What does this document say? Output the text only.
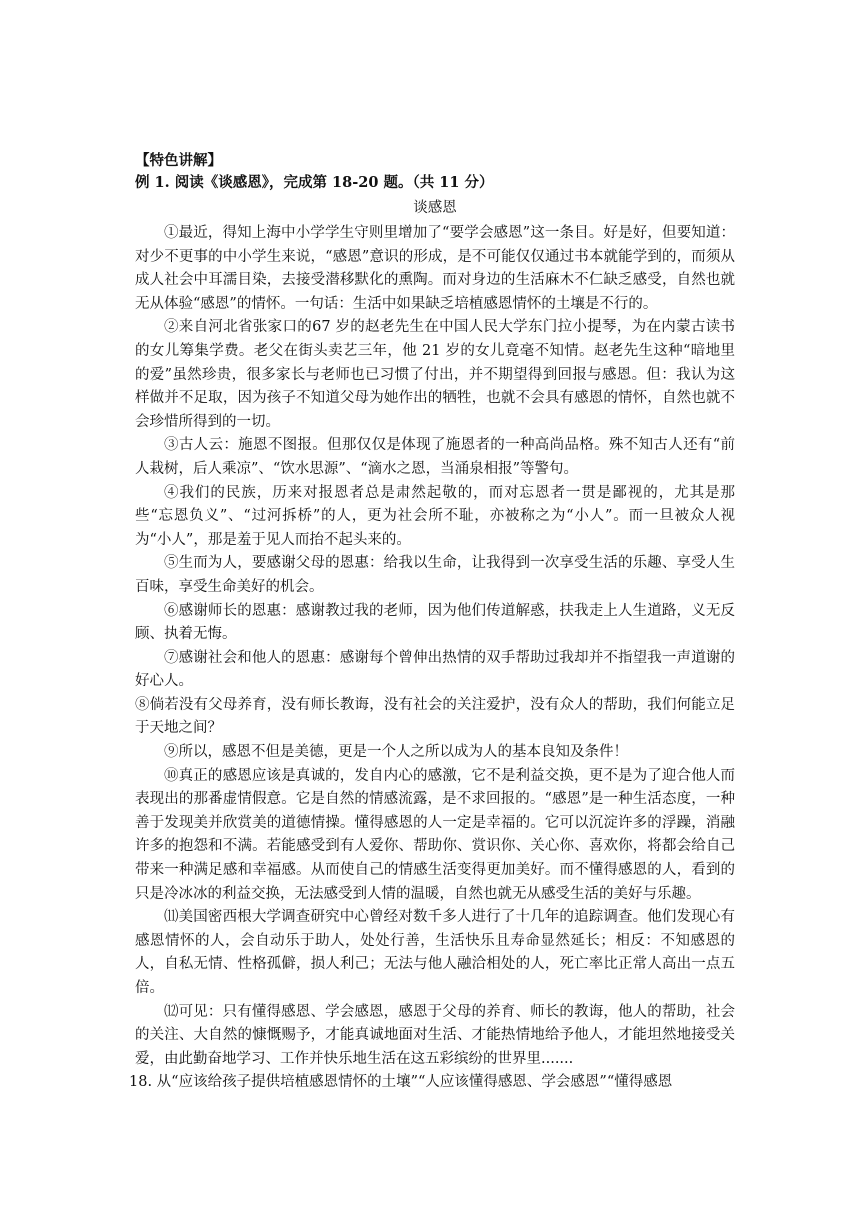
【特色讲解】
例 1. 阅读《谈感恩》，完成第 18-20 题。（共 11 分）
谈感恩

①最近，得知上海中小学学生守则里增加了“要学会感恩”这一条目。好是好，但要知道：对少不更事的中小学生来说，“感恩”意识的形成，是不可能仅仅通过书本就能学到的，而须从成人社会中耳濡目染，去接受潜移默化的熏陶。而对身边的生活麻木不仁缺乏感受，自然也就无从体验“感恩”的情怀。一句话：生活中如果缺乏培植感恩情怀的土壤是不行的。

②来自河北省张家口的67 岁的赵老先生在中国人民大学东门拉小提琴，为在内蒙古读书的女儿筹集学费。老父在街头卖艺三年，他 21 岁的女儿竟毫不知情。赵老先生这种“暗地里的爱”虽然珍贵，很多家长与老师也已习惯了付出，并不期望得到回报与感恩。但：我认为这样做并不足取，因为孩子不知道父母为她作出的牺牲，也就不会具有感恩的情怀，自然也就不会珍惜所得到的一切。

③古人云：施恩不图报。但那仅仅是体现了施恩者的一种高尚品格。殊不知古人还有“前人栽树，后人乘凉”、“饮水思源”、“滴水之恩，当涌泉相报”等警句。

④我们的民族，历来对报恩者总是肃然起敬的，而对忘恩者一贯是鄙视的，尤其是那些“忘恩负义”、“过河拆桥”的人，更为社会所不耻，亦被称之为“小人”。而一旦被众人视为“小人”，那是羞于见人而抬不起头来的。

⑤生而为人，要感谢父母的恩惠：给我以生命，让我得到一次享受生活的乐趣、享受人生百味，享受生命美好的机会。

⑥感谢师长的恩惠：感谢教过我的老师，因为他们传道解惑，扶我走上人生道路，义无反顾、执着无悔。

⑦感谢社会和他人的恩惠：感谢每个曾伸出热情的双手帮助过我却并不指望我一声道谢的好心人。

⑧倘若没有父母养育，没有师长教诲，没有社会的关注爱护，没有众人的帮助，我们何能立足于天地之间？

⑨所以，感恩不但是美德，更是一个人之所以成为人的基本良知及条件！

⑩真正的感恩应该是真诚的，发自内心的感激，它不是利益交换，更不是为了迎合他人而表现出的那番虚情假意。它是自然的情感流露，是不求回报的。“感恩”是一种生活态度，一种善于发现美并欣赏美的道德情操。懂得感恩的人一定是幸福的。它可以沉淀许多的浮躁，消融许多的抱怨和不满。若能感受到有人爱你、帮助你、赏识你、关心你、喜欢你，将都会给自己带来一种满足感和幸福感。从而使自己的情感生活变得更加美好。而不懂得感恩的人，看到的只是冷冰冰的利益交换，无法感受到人情的温暖，自然也就无从感受生活的美好与乐趣。

⑾美国密西根大学调查研究中心曾经对数千多人进行了十几年的追踪调查。他们发现心有感恩情怀的人，会自动乐于助人，处处行善，生活快乐且寿命显然延长；相反：不知感恩的人，自私无情、性格孤僻，损人利己；无法与他人融洽相处的人，死亡率比正常人高出一点五倍。

⑿可见：只有懂得感恩、学会感恩，感恩于父母的养育、师长的教诲，他人的帮助，社会的关注、大自然的慷慨赐予，才能真诚地面对生活、才能热情地给予他人，才能坦然地接受关爱，由此勤奋地学习、工作并快乐地生活在这五彩缤纷的世界里.......

18. 从“应该给孩子提供培植感恩情怀的土壤”“人应该懂得感恩、学会感恩”“懂得感恩
